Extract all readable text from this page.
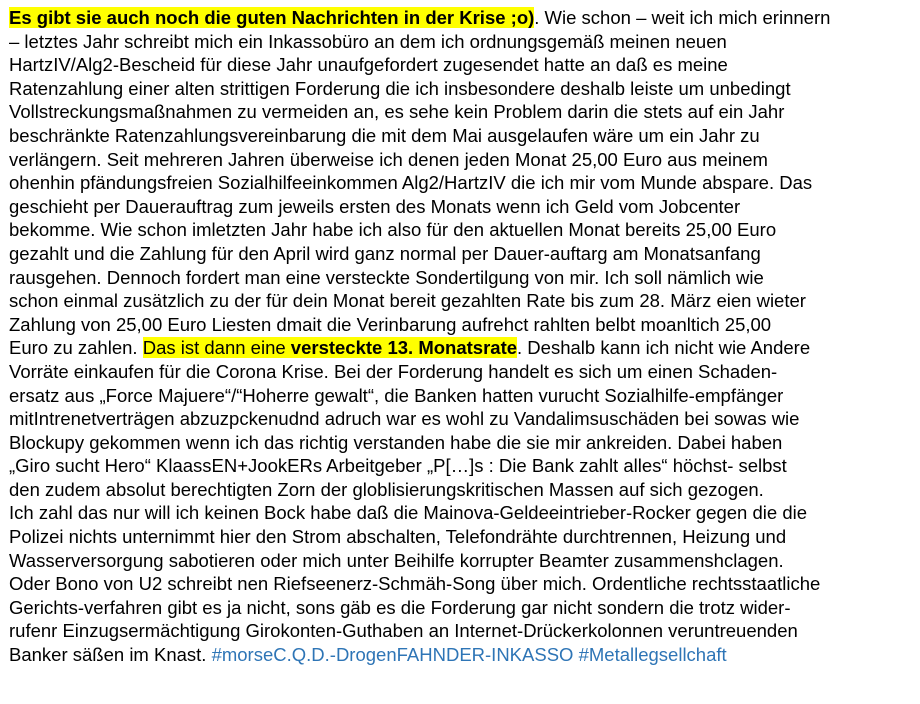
Es gibt sie auch noch die guten Nachrichten in der Krise ;o). Wie schon – weit ich mich erinnern
– letztes Jahr schreibt mich ein Inkassobüro an dem ich ordnungsgemäß meinen neuen
HartzIV/Alg2-Bescheid für diese Jahr unaufgefordert zugesendet hatte an daß es meine
Ratenzahlung einer alten strittigen Forderung die ich insbesondere deshalb leiste um unbedingt
Vollstreckungsmaßnahmen zu vermeiden an, es sehe kein Problem darin die stets auf ein Jahr
beschränkte Ratenzahlungsvereinbarung die mit dem Mai ausgelaufen wäre um ein Jahr zu
verlängern. Seit mehreren Jahren überweise ich denen jeden Monat 25,00 Euro aus meinem
ohenhin pfändungsfreien Sozialhilfeeinkommen Alg2/HartzIV die ich mir vom Munde abspare. Das
geschieht per Dauerauftrag zum jeweils ersten des Monats wenn ich Geld vom Jobcenter
bekomme. Wie schon imletzten Jahr habe ich also für den aktuellen Monat bereits 25,00 Euro
gezahlt und die Zahlung für den April wird ganz normal per Dauer-auftarg am Monatsanfang
rausgehen. Dennoch fordert man eine versteckte Sondertilgung von mir. Ich soll nämlich wie
schon einmal zusätzlich zu der für dein Monat bereit gezahlten Rate bis zum 28. März eien wieter
Zahlung von 25,00 Euro Liesten dmait die Verinbarung aufrehct rahlten belbt moanltich 25,00
Euro zu zahlen. Das ist dann eine versteckte 13. Monatsrate. Deshalb kann ich nicht wie Andere
Vorräte einkaufen für die Corona Krise. Bei der Forderung handelt es sich um einen Schaden-
ersatz aus „Force Majuere“/“Hoherre gewalt“, die Banken hatten vurucht Sozialhilfe-empfänger
mitIntrenetverträgen abzuzpckenudnd adruch war es wohl zu Vandalimsuschäden bei sowas wie
Blockupy gekommen wenn ich das richtig verstanden habe die sie mir ankreiden. Dabei haben
„Giro sucht Hero“ KlaassEN+JookERs Arbeitgeber „P[…]s : Die Bank zahlt alles“ höchst- selbst
den zudem absolut berechtigten Zorn der globlisierungskritischen Massen auf sich gezogen.
Ich zahl das nur will ich keinen Bock habe daß die Mainova-Geldeeintrieber-Rocker gegen die die
Polizei nichts unternimmt hier den Strom abschalten, Telefondrähte durchtrennen, Heizung und
Wasserversorgung sabotieren oder mich unter Beihilfe korrupter Beamter zusammenshclagen.
Oder Bono von U2 schreibt nen Riefseenerz-Schmäh-Song über mich. Ordentliche rechtsstaatliche
Gerichts-verfahren gibt es ja nicht, sons gäb es die Forderung gar nicht sondern die trotz wider-
rufenr Einzugsermächtigung Girokonten-Guthaben an Internet-Drückerkolonnen veruntreuenden
Banker säßen im Knast. #morseC.Q.D.-DrogenFAHNDER-INKASSO #Metallegsellchaft
